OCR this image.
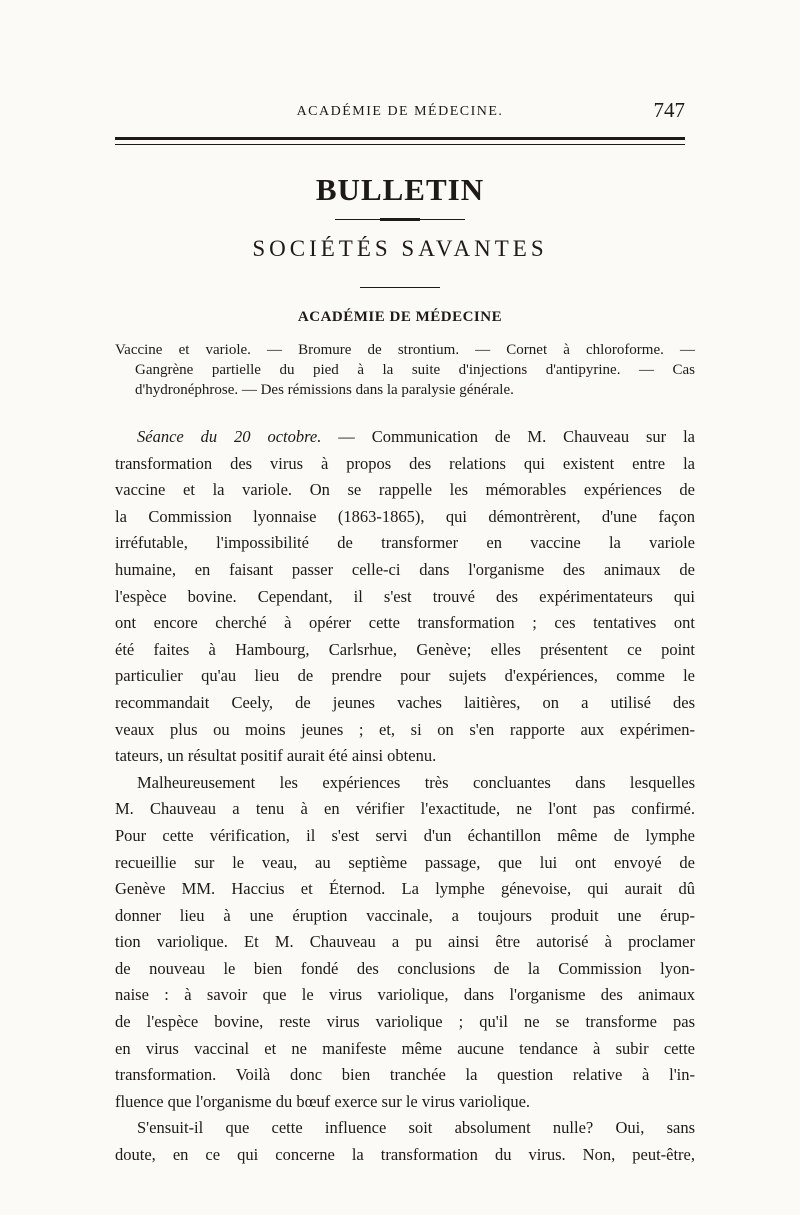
ACADÉMIE DE MÉDECINE.	747
BULLETIN
SOCIÉTÉS SAVANTES
ACADÉMIE DE MÉDECINE
Vaccine et variole. — Bromure de strontium. — Cornet à chloroforme. —
Gangrène partielle du pied à la suite d'injections d'antipyrine. — Cas
d'hydronéphrose. — Des rémissions dans la paralysie générale.
Séance du 20 octobre. — Communication de M. Chauveau sur la
transformation des virus à propos des relations qui existent entre la
vaccine et la variole. On se rappelle les mémorables expériences de
la Commission lyonnaise (1863-1865), qui démontrèrent, d'une façon
irréfutable, l'impossibilité de transformer en vaccine la variole
humaine, en faisant passer celle-ci dans l'organisme des animaux de
l'espèce bovine. Cependant, il s'est trouvé des expérimentateurs qui
ont encore cherché à opérer cette transformation ; ces tentatives ont
été faites à Hambourg, Carlsrhue, Genève; elles présentent ce point
particulier qu'au lieu de prendre pour sujets d'expériences, comme le
recommandait Ceely, de jeunes vaches laitières, on a utilisé des
veaux plus ou moins jeunes ; et, si on s'en rapporte aux expérimen-
tateurs, un résultat positif aurait été ainsi obtenu.
Malheureusement les expériences très concluantes dans lesquelles
M. Chauveau a tenu à en vérifier l'exactitude, ne l'ont pas confirmé.
Pour cette vérification, il s'est servi d'un échantillon même de lymphe
recueillie sur le veau, au septième passage, que lui ont envoyé de
Genève MM. Haccius et Éternod. La lymphe génevoise, qui aurait dû
donner lieu à une éruption vaccinale, a toujours produit une érup-
tion variolique. Et M. Chauveau a pu ainsi être autorisé à proclamer
de nouveau le bien fondé des conclusions de la Commission lyon-
naise : à savoir que le virus variolique, dans l'organisme des animaux
de l'espèce bovine, reste virus variolique ; qu'il ne se transforme pas
en virus vaccinal et ne manifeste même aucune tendance à subir cette
transformation. Voilà donc bien tranchée la question relative à l'in-
fluence que l'organisme du bœuf exerce sur le virus variolique.
S'ensuit-il que cette influence soit absolument nulle? Oui, sans
doute, en ce qui concerne la transformation du virus. Non, peut-être,
